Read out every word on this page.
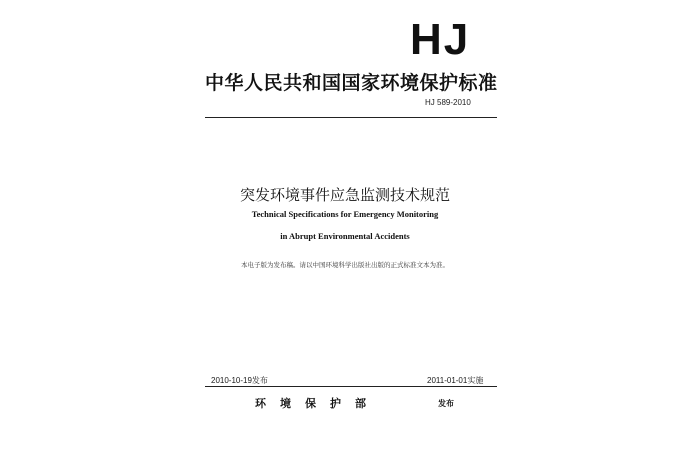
HJ
中华人民共和国国家环境保护标准
HJ 589-2010
突发环境事件应急监测技术规范
Technical Specifications for Emergency Monitoring
in Abrupt Environmental Accidents
本电子版为发布稿。请以中国环境科学出版社出版的正式标准文本为准。
2010-10-19发布	2011-01-01实施
环境保护部	发布
